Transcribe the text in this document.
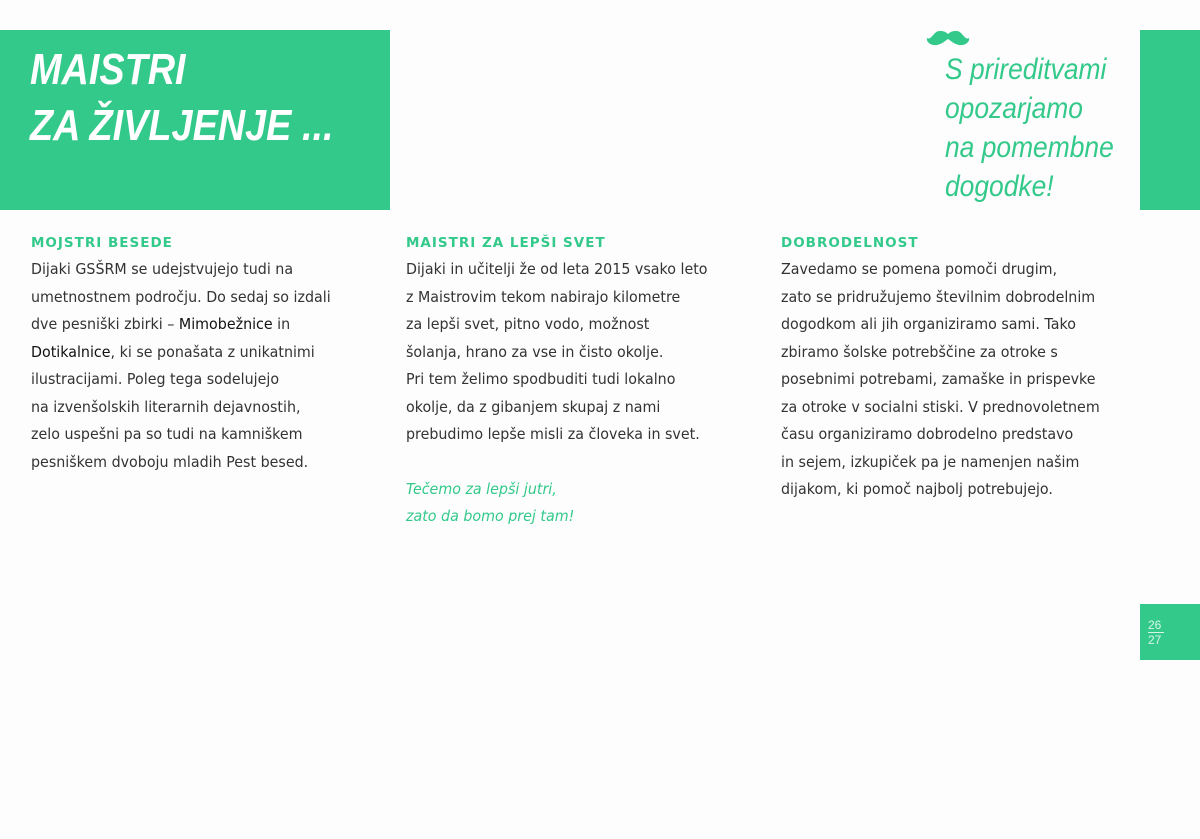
MAISTRI
ZA ŽIVLJENJE ...
S prireditvami
opozarjamo
na pomembne
dogodke!
MOJSTRI BESEDE
Dijaki GSŠRM se udejstvujejo tudi na
umetnostnem področju. Do sedaj so izdali
dve pesniški zbirki – Mimobežnice in
Dotikalnice, ki se ponašata z unikatnimi
ilustracijami. Poleg tega sodelujejo
na izvenšolskih literarnih dejavnostih,
zelo uspešni pa so tudi na kamniškem
pesniškem dvoboju mladih Pest besed.
MAISTRI ZA LEPŠI SVET
Dijaki in učitelji že od leta 2015 vsako leto
z Maistrovim tekom nabirajo kilometre
za lepši svet, pitno vodo, možnost
šolanja, hrano za vse in čisto okolje.
Pri tem želimo spodbuditi tudi lokalno
okolje, da z gibanjem skupaj z nami
prebudimo lepše misli za človeka in svet.
Tečemo za lepši jutri,
zato da bomo prej tam!
DOBRODELNOST
Zavedamo se pomena pomoči drugim,
zato se pridružujemo številnim dobrodelnim
dogodkom ali jih organiziramo sami. Tako
zbiramo šolske potrebščine za otroke s
posebnimi potrebami, zamaške in prispevke
za otroke v socialni stiski. V prednovoletnem
času organiziramo dobrodelno predstavo
in sejem, izkupiček pa je namenjen našim
dijakom, ki pomoč najbolj potrebujejo.
26
27
